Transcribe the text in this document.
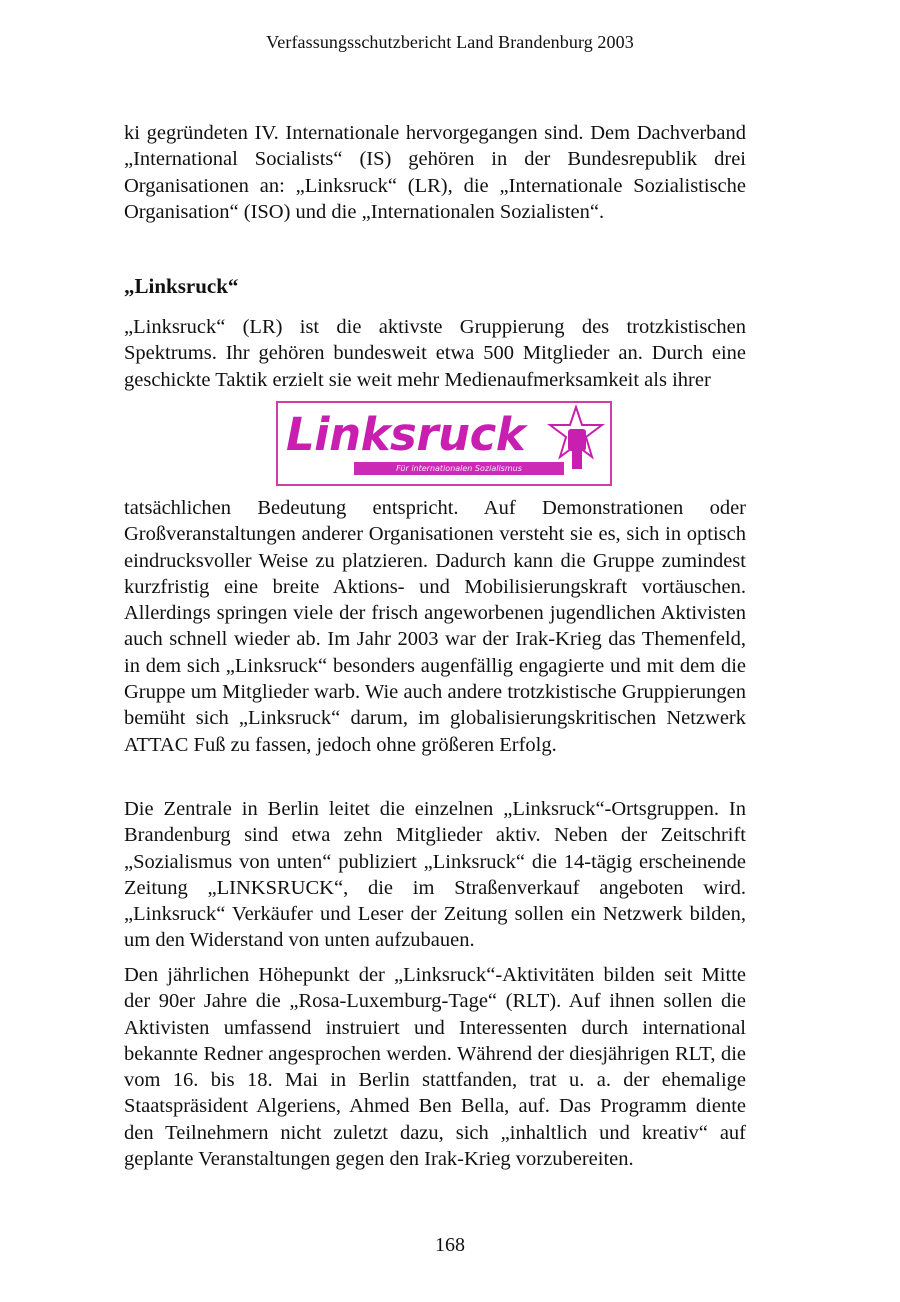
Verfassungsschutzbericht Land Brandenburg 2003

ki gegründeten IV. Internationale hervorgegangen sind. Dem Dachverband „International Socialists“ (IS) gehören in der Bundesrepublik drei Organisationen an: „Linksruck“ (LR), die „Internationale Sozialistische Organisation“ (ISO) und die „Internationalen Sozialisten“.

„Linksruck“

„Linksruck“ (LR) ist die aktivste Gruppierung des trotzkistischen Spektrums. Ihr gehören bundesweit etwa 500 Mitglieder an. Durch eine geschickte Taktik erzielt sie weit mehr Medienaufmerksamkeit als ihrer

Linksruck
Für internationalen Sozialismus

tatsächlichen Bedeutung entspricht. Auf Demonstrationen oder Großveranstaltungen anderer Organisationen versteht sie es, sich in optisch eindrucksvoller Weise zu platzieren. Dadurch kann die Gruppe zumindest kurzfristig eine breite Aktions- und Mobilisierungskraft vortäuschen. Allerdings springen viele der frisch angeworbenen jugendlichen Aktivisten auch schnell wieder ab. Im Jahr 2003 war der Irak-Krieg das Themenfeld, in dem sich „Linksruck“ besonders augenfällig engagierte und mit dem die Gruppe um Mitglieder warb. Wie auch andere trotzkistische Gruppierungen bemüht sich „Linksruck“ darum, im globalisierungskritischen Netzwerk ATTAC Fuß zu fassen, jedoch ohne größeren Erfolg.

Die Zentrale in Berlin leitet die einzelnen „Linksruck“-Ortsgruppen. In Brandenburg sind etwa zehn Mitglieder aktiv. Neben der Zeitschrift „Sozialismus von unten“ publiziert „Linksruck“ die 14-tägig erscheinende Zeitung „LINKSRUCK“, die im Straßenverkauf angeboten wird. „Linksruck“ Verkäufer und Leser der Zeitung sollen ein Netzwerk bilden, um den Widerstand von unten aufzubauen.

Den jährlichen Höhepunkt der „Linksruck“-Aktivitäten bilden seit Mitte der 90er Jahre die „Rosa-Luxemburg-Tage“ (RLT). Auf ihnen sollen die Aktivisten umfassend instruiert und Interessenten durch international bekannte Redner angesprochen werden. Während der diesjährigen RLT, die vom 16. bis 18. Mai in Berlin stattfanden, trat u. a. der ehemalige Staatspräsident Algeriens, Ahmed Ben Bella, auf. Das Programm diente den Teilnehmern nicht zuletzt dazu, sich „inhaltlich und kreativ“ auf geplante Veranstaltungen gegen den Irak-Krieg vorzubereiten.

168
